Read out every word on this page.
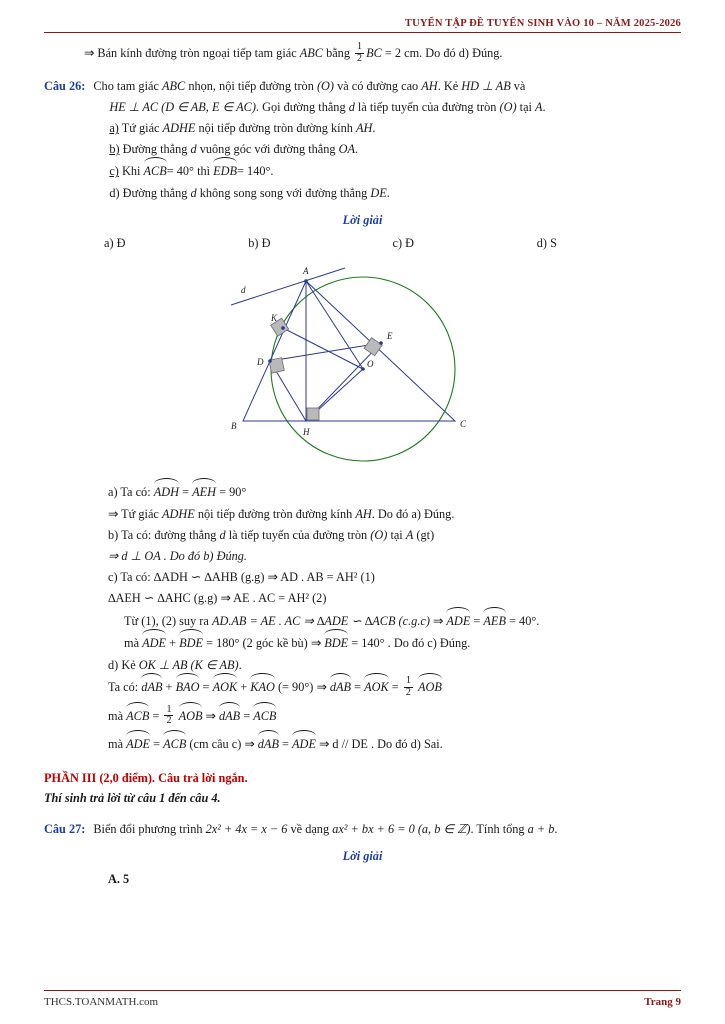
TUYỂN TẬP ĐỀ TUYỂN SINH VÀO 10 – NĂM 2025-2026
⇒ Bán kính đường tròn ngoại tiếp tam giác ABC bằng $\frac{1}{2}$ BC = 2 cm. Do đó d) Đúng.
Câu 26: Cho tam giác ABC nhọn, nội tiếp đường tròn (O) và có đường cao AH. Kẻ HD ⊥ AB và
HE ⊥ AC (D ∈ AB, E ∈ AC). Gọi đường thẳng d là tiếp tuyến của đường tròn (O) tại A.
a) Tứ giác ADHE nội tiếp đường tròn đường kính AH.
b) Đường thẳng d vuông góc với đường thẳng OA.
c) Khi ACB= 40° thì EDB= 140°.
d) Đường thẳng d không song song với đường thẳng DE.
Lời giải
a) Đ	b) Đ	c) Đ	d) S
A
B	C
D
E
K
H
O
d
a) Ta có: ADH = AEH = 90°
⇒ Tứ giác ADHE nội tiếp đường tròn đường kính AH. Do đó a) Đúng.
b) Ta có: đường thẳng d là tiếp tuyến của đường tròn (O) tại A (gt)
⇒ d ⊥ OA . Do đó b) Đúng.
c) Ta có: ∆ADH ∽ ∆AHB (g.g) ⇒ AD . AB = AH² (1)
∆AEH ∽ ∆AHC (g.g) ⇒ AE . AC = AH² (2)
Từ (1), (2) suy ra AD.AB = AE . AC ⇒ ∆ADE ∽ ∆ACB (c.g.c) ⇒ ADE = AEB = 40°.
mà ADE + BDE = 180° (2 góc kề bù) ⇒ BDE = 140° . Do đó c) Đúng.
d) Kẻ OK ⊥ AB (K ∈ AB).
Ta có: dAB + BAO = AOK + KAO (= 90°) ⇒ dAB = AOK = $\frac{1}{2}$
AOB
mà ACB = $\frac{1}{2}$
AOB ⇒ dAB = ACB
mà ADE = ACB (cm câu c) ⇒ dAB = ADE ⇒ d // DE . Do đó d) Sai.
PHẦN III (2,0 điểm). Câu trả lời ngắn.
Thí sinh trả lời từ câu 1 đến câu 4.
Câu 27: Biến đổi phương trình 2x² + 4x = x − 6 về dạng ax² + bx + 6 = 0 (a, b ∈ ℤ). Tính tổng a + b.
Lời giải
A. 5
THCS.TOANMATH.com	Trang 9
